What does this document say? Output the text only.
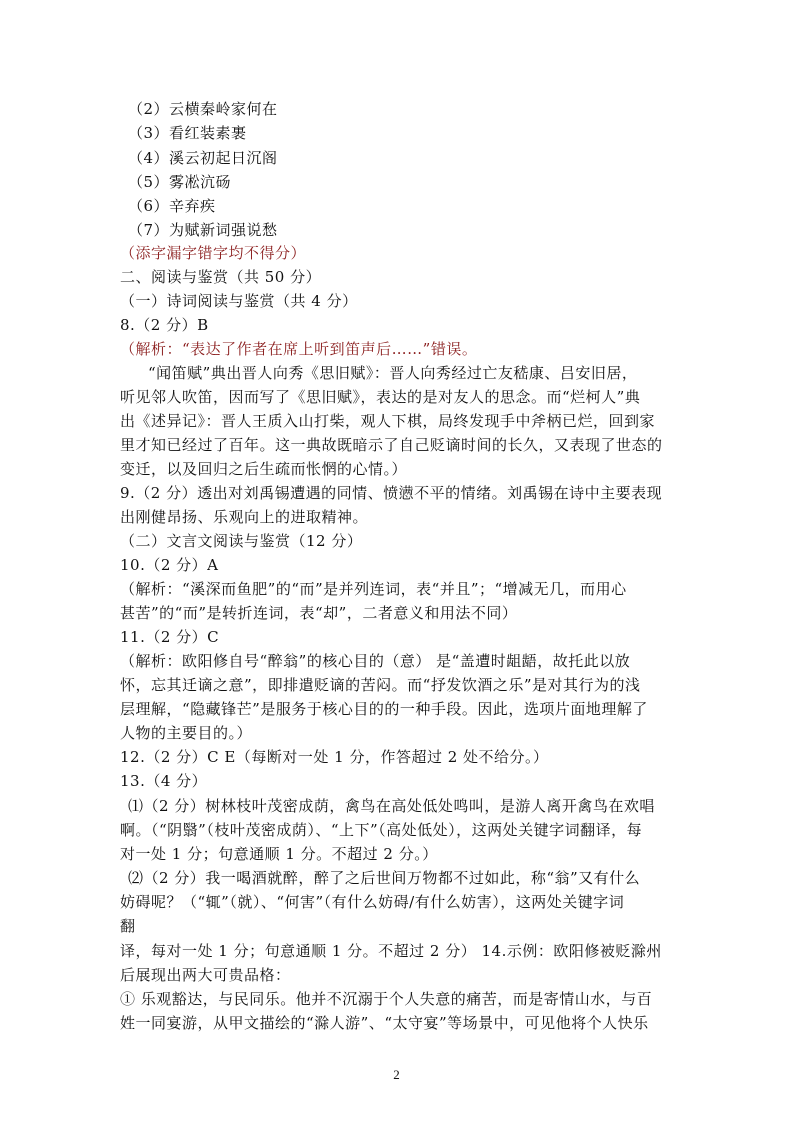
（2）云横秦岭家何在
（3）看红装素裹
（4）溪云初起日沉阁
（5）雾凇沆砀
（6）辛弃疾
（7）为赋新词强说愁
（添字漏字错字均不得分）
二、阅读与鉴赏（共 50 分）
（一）诗词阅读与鉴赏（共 4 分）
8.（2 分）B
（解析：“表达了作者在席上听到笛声后……”错误。
“闻笛赋”典出晋人向秀《思旧赋》：晋人向秀经过亡友嵇康、吕安旧居，
听见邻人吹笛，因而写了《思旧赋》，表达的是对友人的思念。而“烂柯人”典
出《述异记》：晋人王质入山打柴，观人下棋，局终发现手中斧柄已烂，回到家
里才知已经过了百年。这一典故既暗示了自己贬谪时间的长久，又表现了世态的
变迁，以及回归之后生疏而怅惘的心情。）
9.（2 分）透出对刘禹锡遭遇的同情、愤懑不平的情绪。刘禹锡在诗中主要表现
出刚健昂扬、乐观向上的进取精神。
（二）文言文阅读与鉴赏（12 分）
10.（2 分）A
（解析：“溪深而鱼肥”的“而”是并列连词，表“并且”；“增减无几，而用心
甚苦”的“而”是转折连词，表“却”，二者意义和用法不同）
11.（2 分）C
（解析：欧阳修自号“醉翁”的核心目的（意） 是“盖遭时龃龉，故托此以放
怀，忘其迁谪之意”，即排遣贬谪的苦闷。而“抒发饮酒之乐”是对其行为的浅
层理解，“隐藏锋芒”是服务于核心目的的一种手段。因此，选项片面地理解了
人物的主要目的。）
12.（2 分）C E（每断对一处 1 分，作答超过 2 处不给分。）
13.（4 分）
⑴（2 分）树林枝叶茂密成荫，禽鸟在高处低处鸣叫，是游人离开禽鸟在欢唱
啊。（“阴翳”（枝叶茂密成荫）、“上下”（高处低处），这两处关键字词翻译，每
对一处 1 分；句意通顺 1 分。不超过 2 分。）
⑵（2 分）我一喝酒就醉，醉了之后世间万物都不过如此，称“翁”又有什么
妨碍呢？（“辄”（就）、“何害”（有什么妨碍/有什么妨害），这两处关键字词
翻
译，每对一处 1 分；句意通顺 1 分。不超过 2 分） 14.示例：欧阳修被贬滁州
后展现出两大可贵品格：
① 乐观豁达，与民同乐。他并不沉溺于个人失意的痛苦，而是寄情山水，与百
姓一同宴游，从甲文描绘的“滁人游”、“太守宴”等场景中，可见他将个人快乐
2
